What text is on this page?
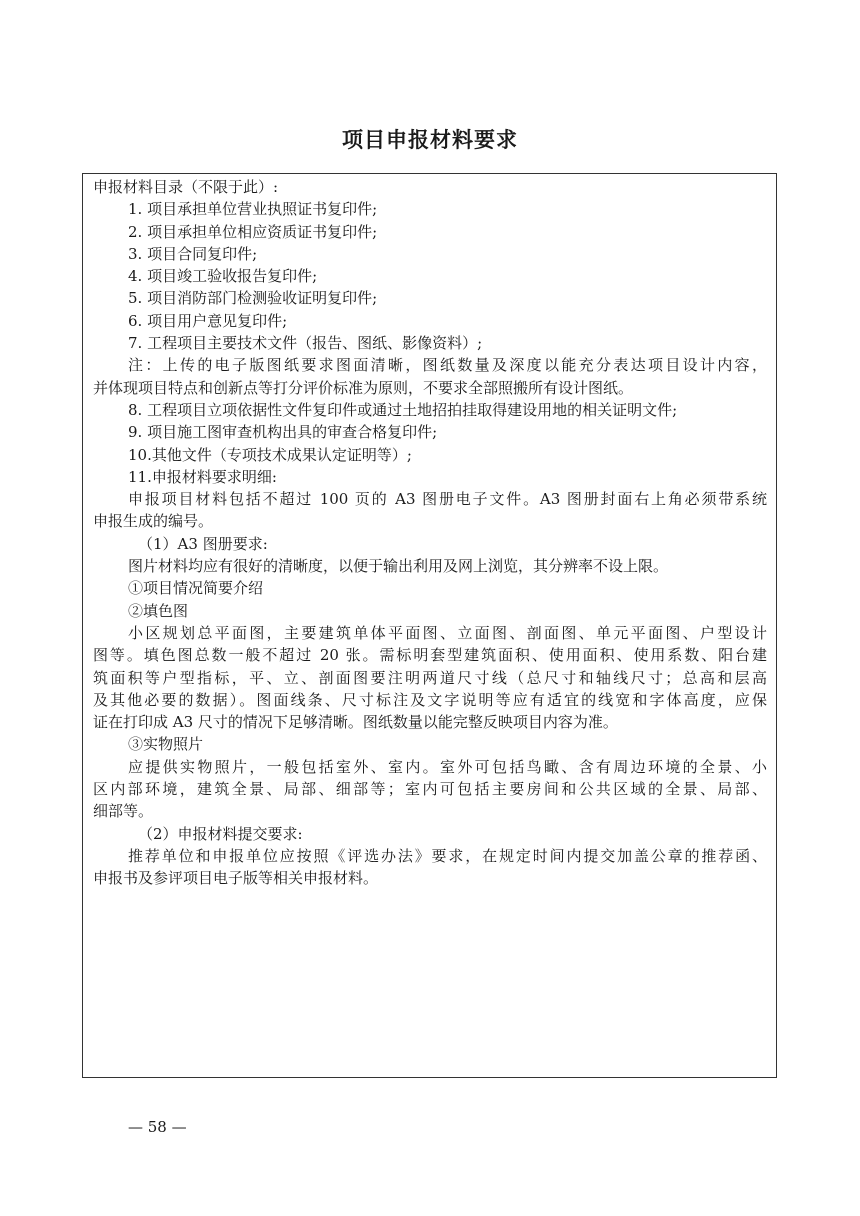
项目申报材料要求
申报材料目录（不限于此）:
1. 项目承担单位营业执照证书复印件;
2. 项目承担单位相应资质证书复印件;
3. 项目合同复印件;
4. 项目竣工验收报告复印件;
5. 项目消防部门检测验收证明复印件;
6. 项目用户意见复印件;
7. 工程项目主要技术文件（报告、图纸、影像资料）;
注：上传的电子版图纸要求图面清晰，图纸数量及深度以能充分表达项目设计内容，
并体现项目特点和创新点等打分评价标准为原则，不要求全部照搬所有设计图纸。
8. 工程项目立项依据性文件复印件或通过土地招拍挂取得建设用地的相关证明文件;
9. 项目施工图审查机构出具的审查合格复印件;
10.其他文件（专项技术成果认定证明等）;
11.申报材料要求明细:
申报项目材料包括不超过 100 页的 A3 图册电子文件。A3 图册封面右上角必须带系统
申报生成的编号。
（1）A3 图册要求:
图片材料均应有很好的清晰度，以便于输出利用及网上浏览，其分辨率不设上限。
①项目情况简要介绍
②填色图
小区规划总平面图，主要建筑单体平面图、立面图、剖面图、单元平面图、户型设计
图等。填色图总数一般不超过 20 张。需标明套型建筑面积、使用面积、使用系数、阳台建
筑面积等户型指标，平、立、剖面图要注明两道尺寸线（总尺寸和轴线尺寸；总高和层高
及其他必要的数据）。图面线条、尺寸标注及文字说明等应有适宜的线宽和字体高度，应保
证在打印成 A3 尺寸的情况下足够清晰。图纸数量以能完整反映项目内容为准。
③实物照片
应提供实物照片，一般包括室外、室内。室外可包括鸟瞰、含有周边环境的全景、小
区内部环境，建筑全景、局部、细部等；室内可包括主要房间和公共区域的全景、局部、
细部等。
（2）申报材料提交要求:
推荐单位和申报单位应按照《评选办法》要求，在规定时间内提交加盖公章的推荐函、
申报书及参评项目电子版等相关申报材料。
— 58 —
